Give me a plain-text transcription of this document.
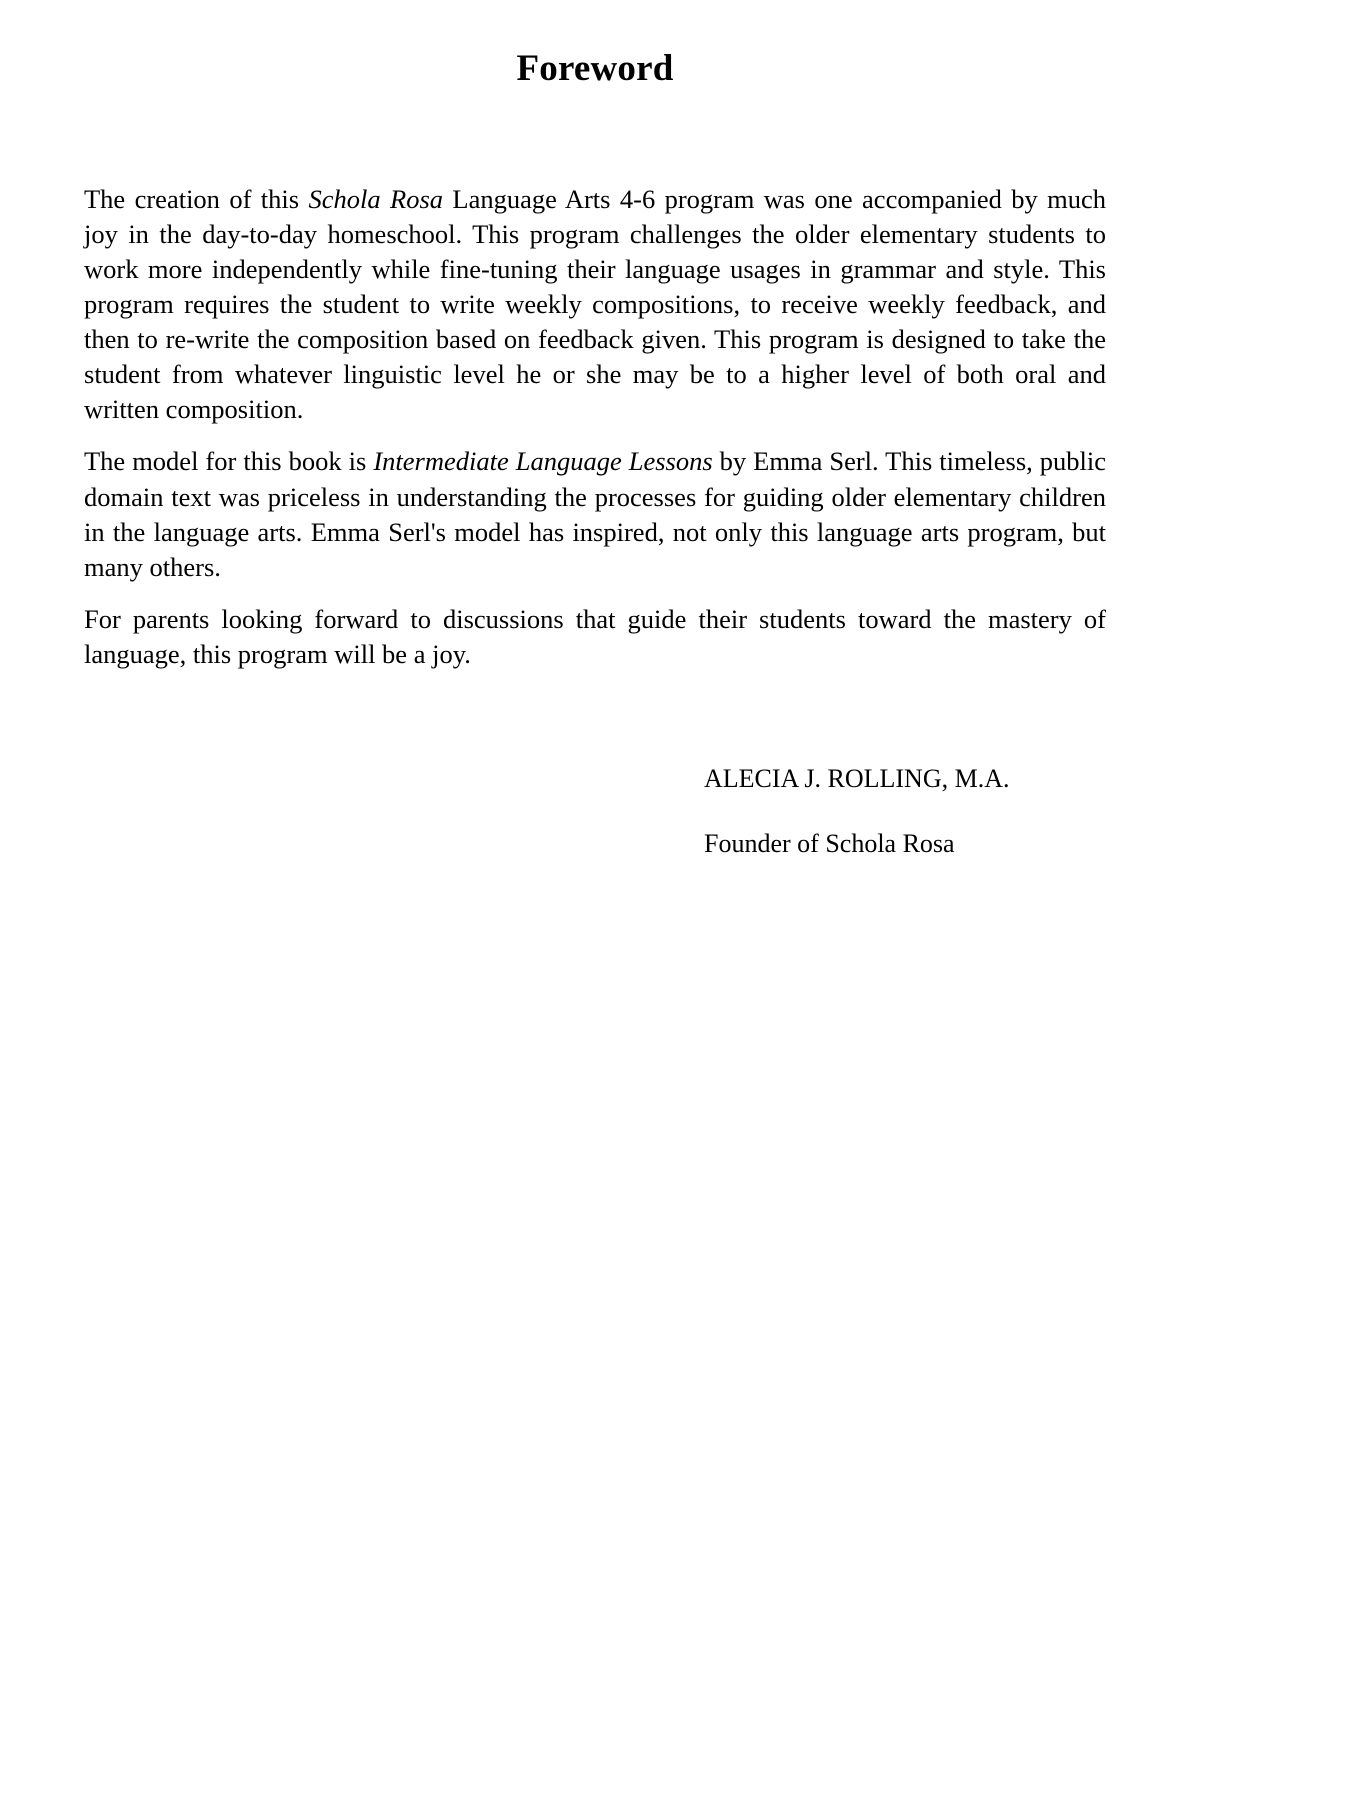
Foreword

The creation of this Schola Rosa Language Arts 4-6 program was one accompanied by much joy in the day-to-day homeschool. This program challenges the older elementary students to work more independently while fine-tuning their language usages in grammar and style. This program requires the student to write weekly compositions, to receive weekly feedback, and then to re-write the composition based on feedback given. This program is designed to take the student from whatever linguistic level he or she may be to a higher level of both oral and written composition.

The model for this book is Intermediate Language Lessons by Emma Serl. This timeless, public domain text was priceless in understanding the processes for guiding older elementary children in the language arts. Emma Serl's model has inspired, not only this language arts program, but many others.

For parents looking forward to discussions that guide their students toward the mastery of language, this program will be a joy.

ALECIA J. ROLLING, M.A.
Founder of Schola Rosa
